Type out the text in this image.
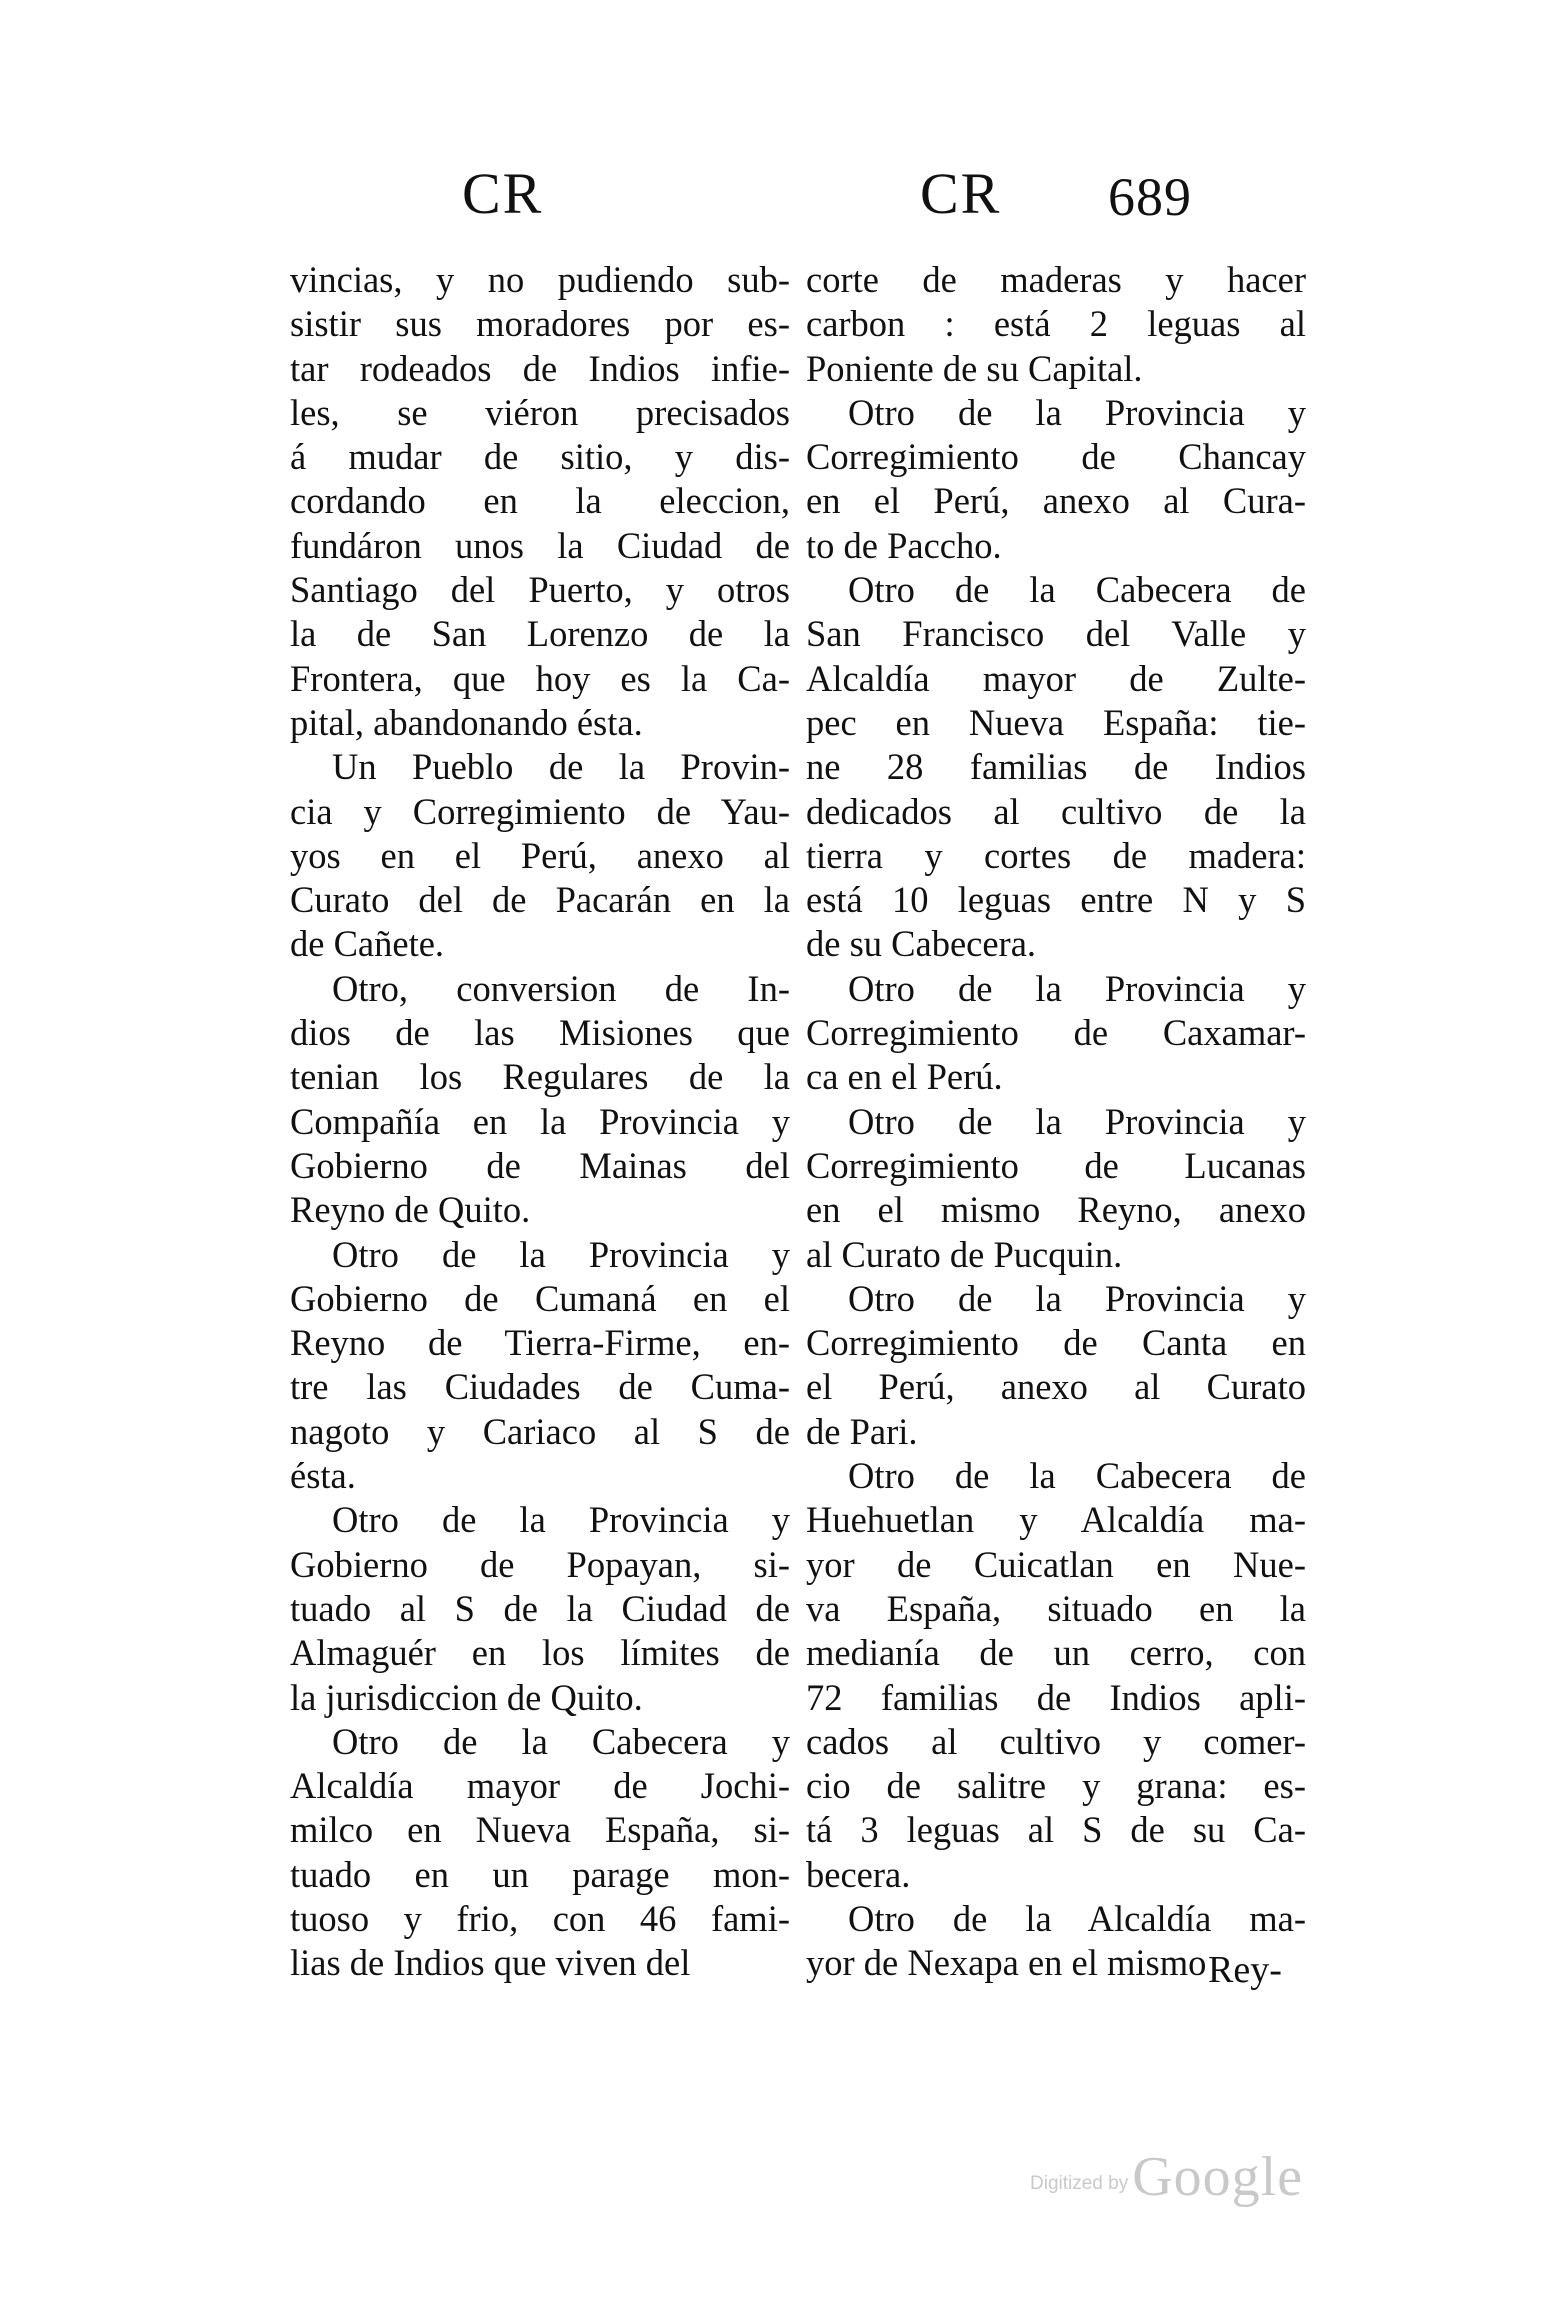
CR	CR 689
vincias, y no pudiendo sub-
sistir sus moradores por es-
tar rodeados de Indios infie-
les, se viéron precisados
á mudar de sitio, y dis-
cordando en la eleccion,
fundáron unos la Ciudad de
Santiago del Puerto, y otros
la de San Lorenzo de la
Frontera, que hoy es la Ca-
pital, abandonando ésta.
Un Pueblo de la Provin-
cia y Corregimiento de Yau-
yos en el Perú, anexo al
Curato del de Pacarán en la
de Cañete.
Otro, conversion de In-
dios de las Misiones que
tenian los Regulares de la
Compañía en la Provincia y
Gobierno de Mainas del
Reyno de Quito.
Otro de la Provincia y
Gobierno de Cumaná en el
Reyno de Tierra-Firme, en-
tre las Ciudades de Cuma-
nagoto y Cariaco al S de
ésta.
Otro de la Provincia y
Gobierno de Popayan, si-
tuado al S de la Ciudad de
Almaguér en los límites de
la jurisdiccion de Quito.
Otro de la Cabecera y
Alcaldía mayor de Jochi-
milco en Nueva España, si-
tuado en un parage mon-
tuoso y frio, con 46 fami-
lias de Indios que viven del
corte de maderas y hacer
carbon : está 2 leguas al
Poniente de su Capital.
Otro de la Provincia y
Corregimiento de Chancay
en el Perú, anexo al Cura-
to de Paccho.
Otro de la Cabecera de
San Francisco del Valle y
Alcaldía mayor de Zulte-
pec en Nueva España: tie-
ne 28 familias de Indios
dedicados al cultivo de la
tierra y cortes de madera:
está 10 leguas entre N y S
de su Cabecera.
Otro de la Provincia y
Corregimiento de Caxamar-
ca en el Perú.
Otro de la Provincia y
Corregimiento de Lucanas
en el mismo Reyno, anexo
al Curato de Pucquin.
Otro de la Provincia y
Corregimiento de Canta en
el Perú, anexo al Curato
de Pari.
Otro de la Cabecera de
Huehuetlan y Alcaldía ma-
yor de Cuicatlan en Nue-
va España, situado en la
medianía de un cerro, con
72 familias de Indios apli-
cados al cultivo y comer-
cio de salitre y grana: es-
tá 3 leguas al S de su Ca-
becera.
Otro de la Alcaldía ma-
yor de Nexapa en el mismo Rey-
Digitized by Google
